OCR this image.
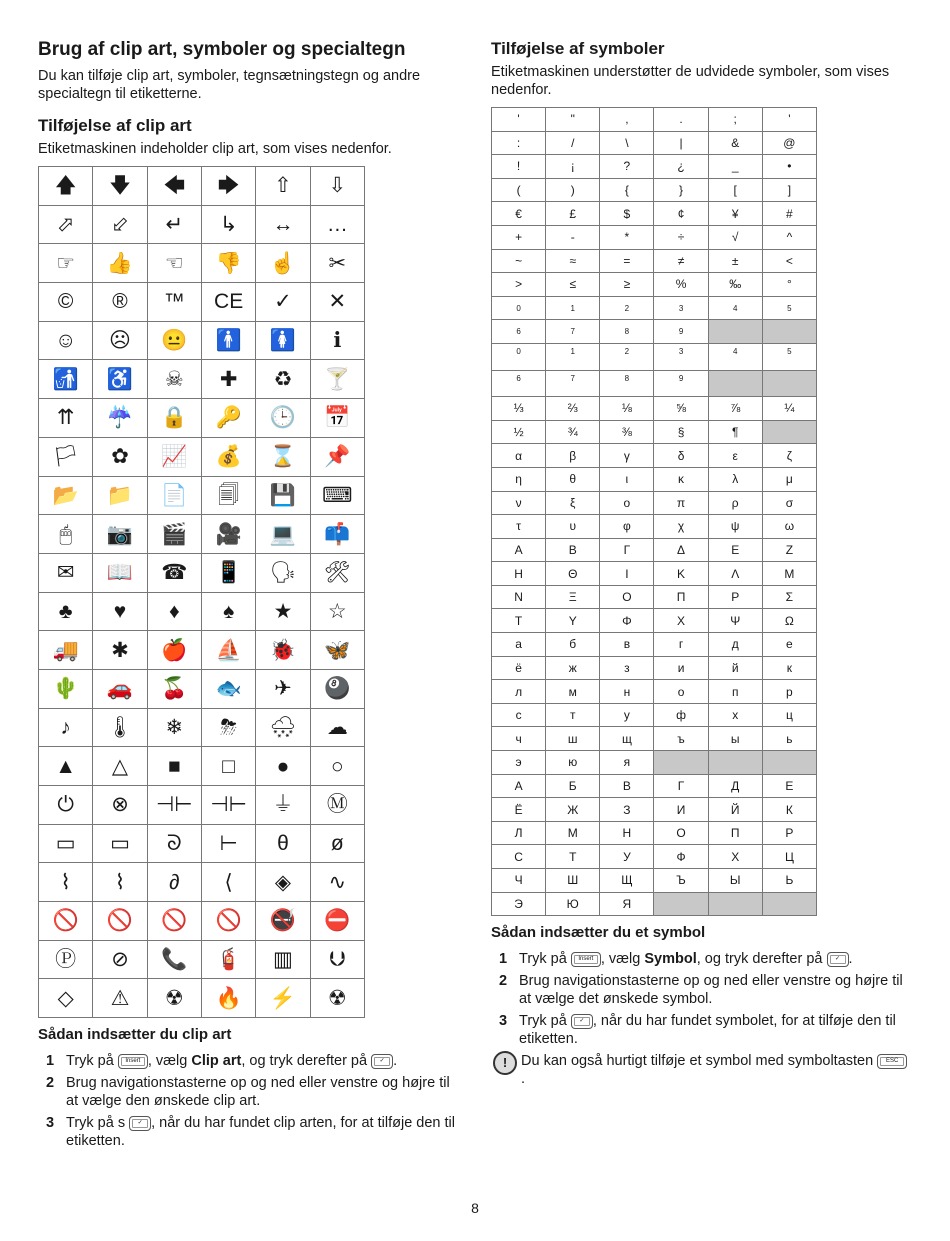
Brug af clip art, symboler og specialtegn

Du kan tilføje clip art, symboler, tegnsætningstegn og andre specialtegn til etiketterne.

Tilføjelse af clip art

Etiketmaskinen indeholder clip art, som vises nedenfor.

🡅	🡇	🡄	🡆	⇧	⇩
⬀	⬃	↵	↳	↔	…
☞	👍	☜	👎	☝	✂
©	®	™	CE	✓	✕
☺	☹	😐	🚹	🚺	ℹ
🚮	♿	☠	✚	♻	🍸
⇈	☔	🔒	🔑	🕒	📅
🏳	✿	📈	💰	⌛	📌
📂	📁	📄	🗐	💾	⌨
🖱	📷	🎬	🎥	💻	📫
✉	📖	☎	📱	🗣	🛠
♣	♥	♦	♠	★	☆
🚚	✱	🍎	⛵	🐞	🦋
🌵	🚗	🍒	🐟	✈	🎱
♪	🌡	❄	⛈	🌨	☁
▲	△	■	□	●	○
⏻	⊗	⊣⊢	⊣⊢	⏚	Ⓜ
▭	▭	ᘐ	⊢	θ	ø
⌇	⌇	∂	⟨	◈	∿
🚫	🚫	🚫	🚫	🚭	⛔
Ⓟ	⊘	📞	🧯	▥	⮋
◇	⚠	☢	🔥	⚡	☢
Sådan indsætter du clip art
1 Tryk på Insert , vælg Clip art, og tryk derefter på ✓ .
2 Brug navigationstasterne op og ned eller venstre og højre til at vælge den ønskede clip art.
3 Tryk på s ✓ , når du har fundet clip arten, for at tilføje den til etiketten.
Tilføjelse af symboler

Etiketmaskinen understøtter de udvidede symboler, som vises nedenfor.

'	"	,	.	;	'
:	/	\	|	&	@
!	¡	?	¿	_	•
(	)	{	}	[	]
€	£	$	¢	¥	#
+	-	*	÷	√	^
~	≈	=	≠	±	<
>	≤	≥	%	‰	°
0	1	2	3	4	5
6	7	8	9		
0	1	2	3	4	5
6	7	8	9		
⅓	⅔	⅛	⅝	⅞	¼
½	¾	⅜	§	¶	
α	β	γ	δ	ε	ζ
η	θ	ι	κ	λ	μ
ν	ξ	ο	π	ρ	σ
τ	υ	φ	χ	ψ	ω
Α	Β	Γ	Δ	Ε	Ζ
Η	Θ	Ι	Κ	Λ	Μ
Ν	Ξ	Ο	Π	Ρ	Σ
Τ	Υ	Φ	Χ	Ψ	Ω
а	б	в	г	д	е
ё	ж	з	и	й	к
л	м	н	о	п	р
с	т	у	ф	х	ц
ч	ш	щ	ъ	ы	ь
э	ю	я			
А	Б	В	Г	Д	Е
Ё	Ж	З	И	Й	К
Л	М	Н	О	П	Р
С	Т	У	Ф	Х	Ц
Ч	Ш	Щ	Ъ	Ы	Ь
Э	Ю	Я			
Sådan indsætter du et symbol
1 Tryk på Insert , vælg Symbol, og tryk derefter på ✓ .
2 Brug navigationstasterne op og ned eller venstre og højre til at vælge det ønskede symbol.
3 Tryk på ✓ , når du har fundet symbolet, for at tilføje den til etiketten.
! Du kan også hurtigt tilføje et symbol med symboltasten ESC.
8
